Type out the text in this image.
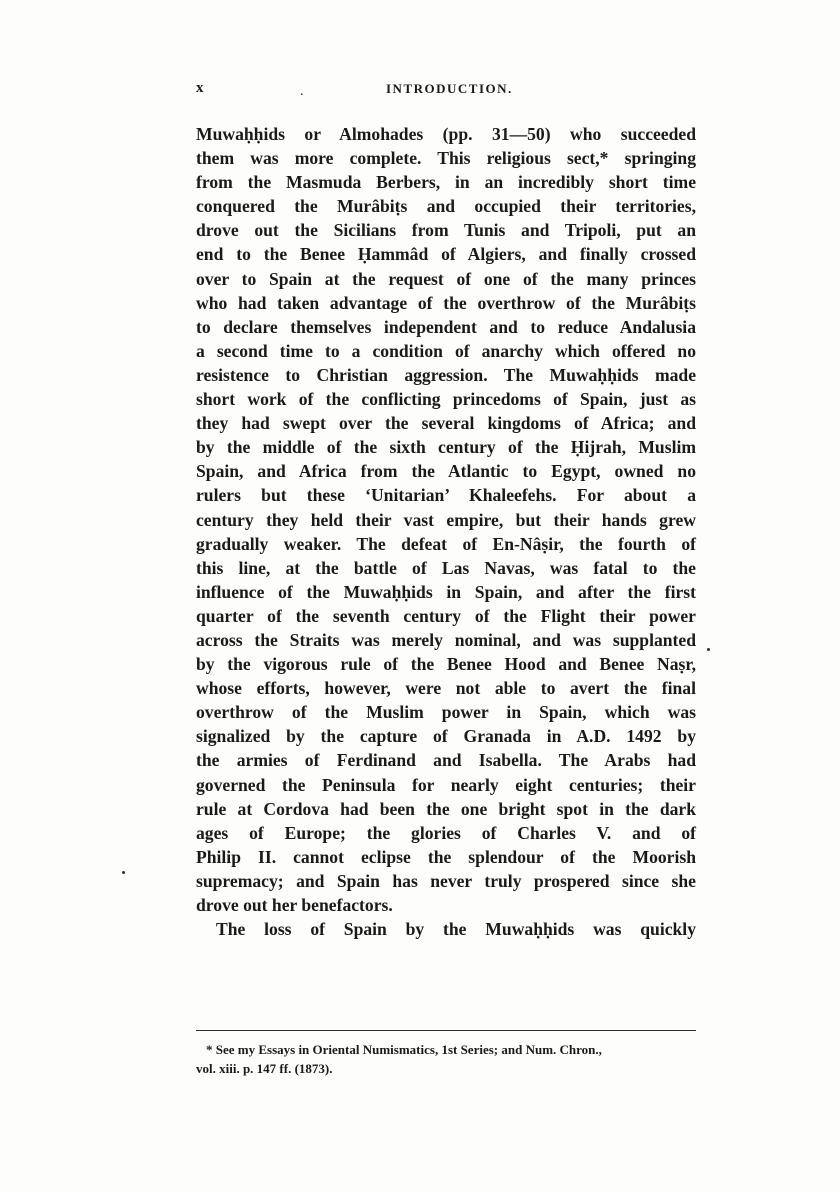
x	.	INTRODUCTION.
Muwaḥḥids or Almohades (pp. 31—50) who succeeded
them was more complete. This religious sect,* springing
from the Masmuda Berbers, in an incredibly short time
conquered the Murâbiṭs and occupied their territories,
drove out the Sicilians from Tunis and Tripoli, put an
end to the Benee Ḥammâd of Algiers, and finally crossed
over to Spain at the request of one of the many princes
who had taken advantage of the overthrow of the Murâbiṭs
to declare themselves independent and to reduce Andalusia
a second time to a condition of anarchy which offered no
resistence to Christian aggression. The Muwaḥḥids made
short work of the conflicting princedoms of Spain, just as
they had swept over the several kingdoms of Africa; and
by the middle of the sixth century of the Ḥijrah, Muslim
Spain, and Africa from the Atlantic to Egypt, owned no
rulers but these ‘Unitarian’ Khaleefehs. For about a
century they held their vast empire, but their hands grew
gradually weaker. The defeat of En-Nâṣir, the fourth of
this line, at the battle of Las Navas, was fatal to the
influence of the Muwaḥḥids in Spain, and after the first
quarter of the seventh century of the Flight their power
across the Straits was merely nominal, and was supplanted
by the vigorous rule of the Benee Hood and Benee Naṣr,
whose efforts, however, were not able to avert the final
overthrow of the Muslim power in Spain, which was
signalized by the capture of Granada in A.D. 1492 by
the armies of Ferdinand and Isabella. The Arabs had
governed the Peninsula for nearly eight centuries; their
rule at Cordova had been the one bright spot in the dark
ages of Europe; the glories of Charles V. and of
Philip II. cannot eclipse the splendour of the Moorish
supremacy; and Spain has never truly prospered since she
drove out her benefactors.
The loss of Spain by the Muwaḥḥids was quickly
* See my Essays in Oriental Numismatics, 1st Series; and Num. Chron.,
vol. xiii. p. 147 ff. (1873).
